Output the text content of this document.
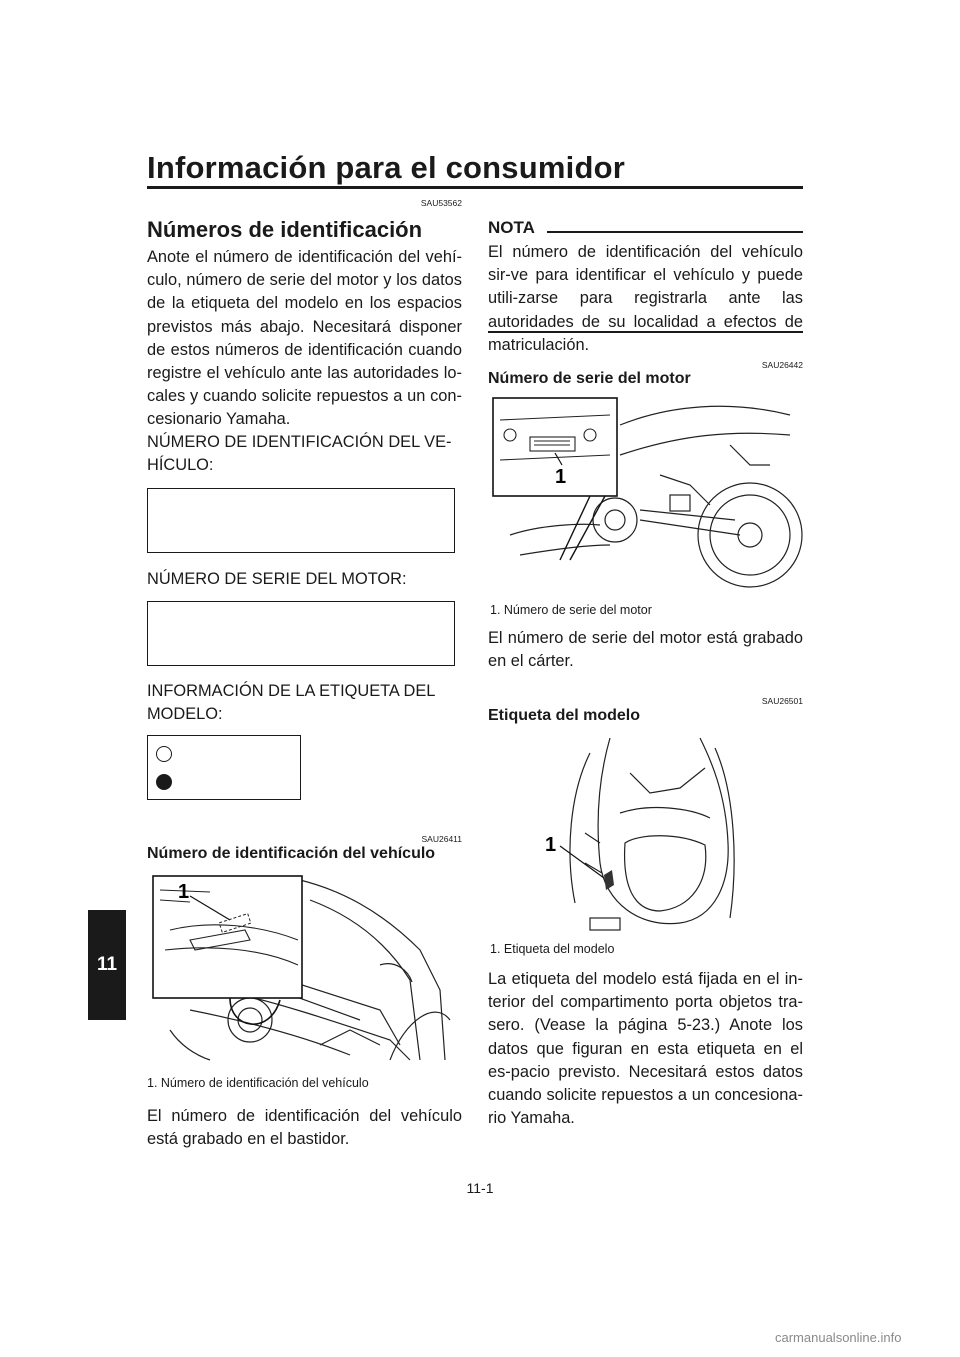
Información para el consumidor
11
SAU53562
Números de identificación
Anote el número de identificación del vehí-culo, número de serie del motor y los datos de la etiqueta del modelo en los espacios previstos más abajo. Necesitará disponer de estos números de identificación cuando registre el vehículo ante las autoridades lo-cales y cuando solicite repuestos a un con-cesionario Yamaha.
NÚMERO DE IDENTIFICACIÓN DEL VE-
HÍCULO:
NÚMERO DE SERIE DEL MOTOR:
INFORMACIÓN DE LA ETIQUETA DEL
MODELO:
SAU26411
Número de identificación del vehículo
1
1. Número de identificación del vehículo
El número de identificación del vehículo está grabado en el bastidor.
NOTA
El número de identificación del vehículo sir-ve para identificar el vehículo y puede utili-zarse para registrarla ante las autoridades de su localidad a efectos de matriculación.
SAU26442
Número de serie del motor
1
1. Número de serie del motor
El número de serie del motor está grabado en el cárter.
SAU26501
Etiqueta del modelo
1
1. Etiqueta del modelo
La etiqueta del modelo está fijada en el in-terior del compartimento porta objetos tra-sero. (Vease la página 5-23.) Anote los datos que figuran en esta etiqueta en el es-pacio previsto. Necesitará estos datos cuando solicite repuestos a un concesiona-rio Yamaha.
11-1
carmanualsonline.info
